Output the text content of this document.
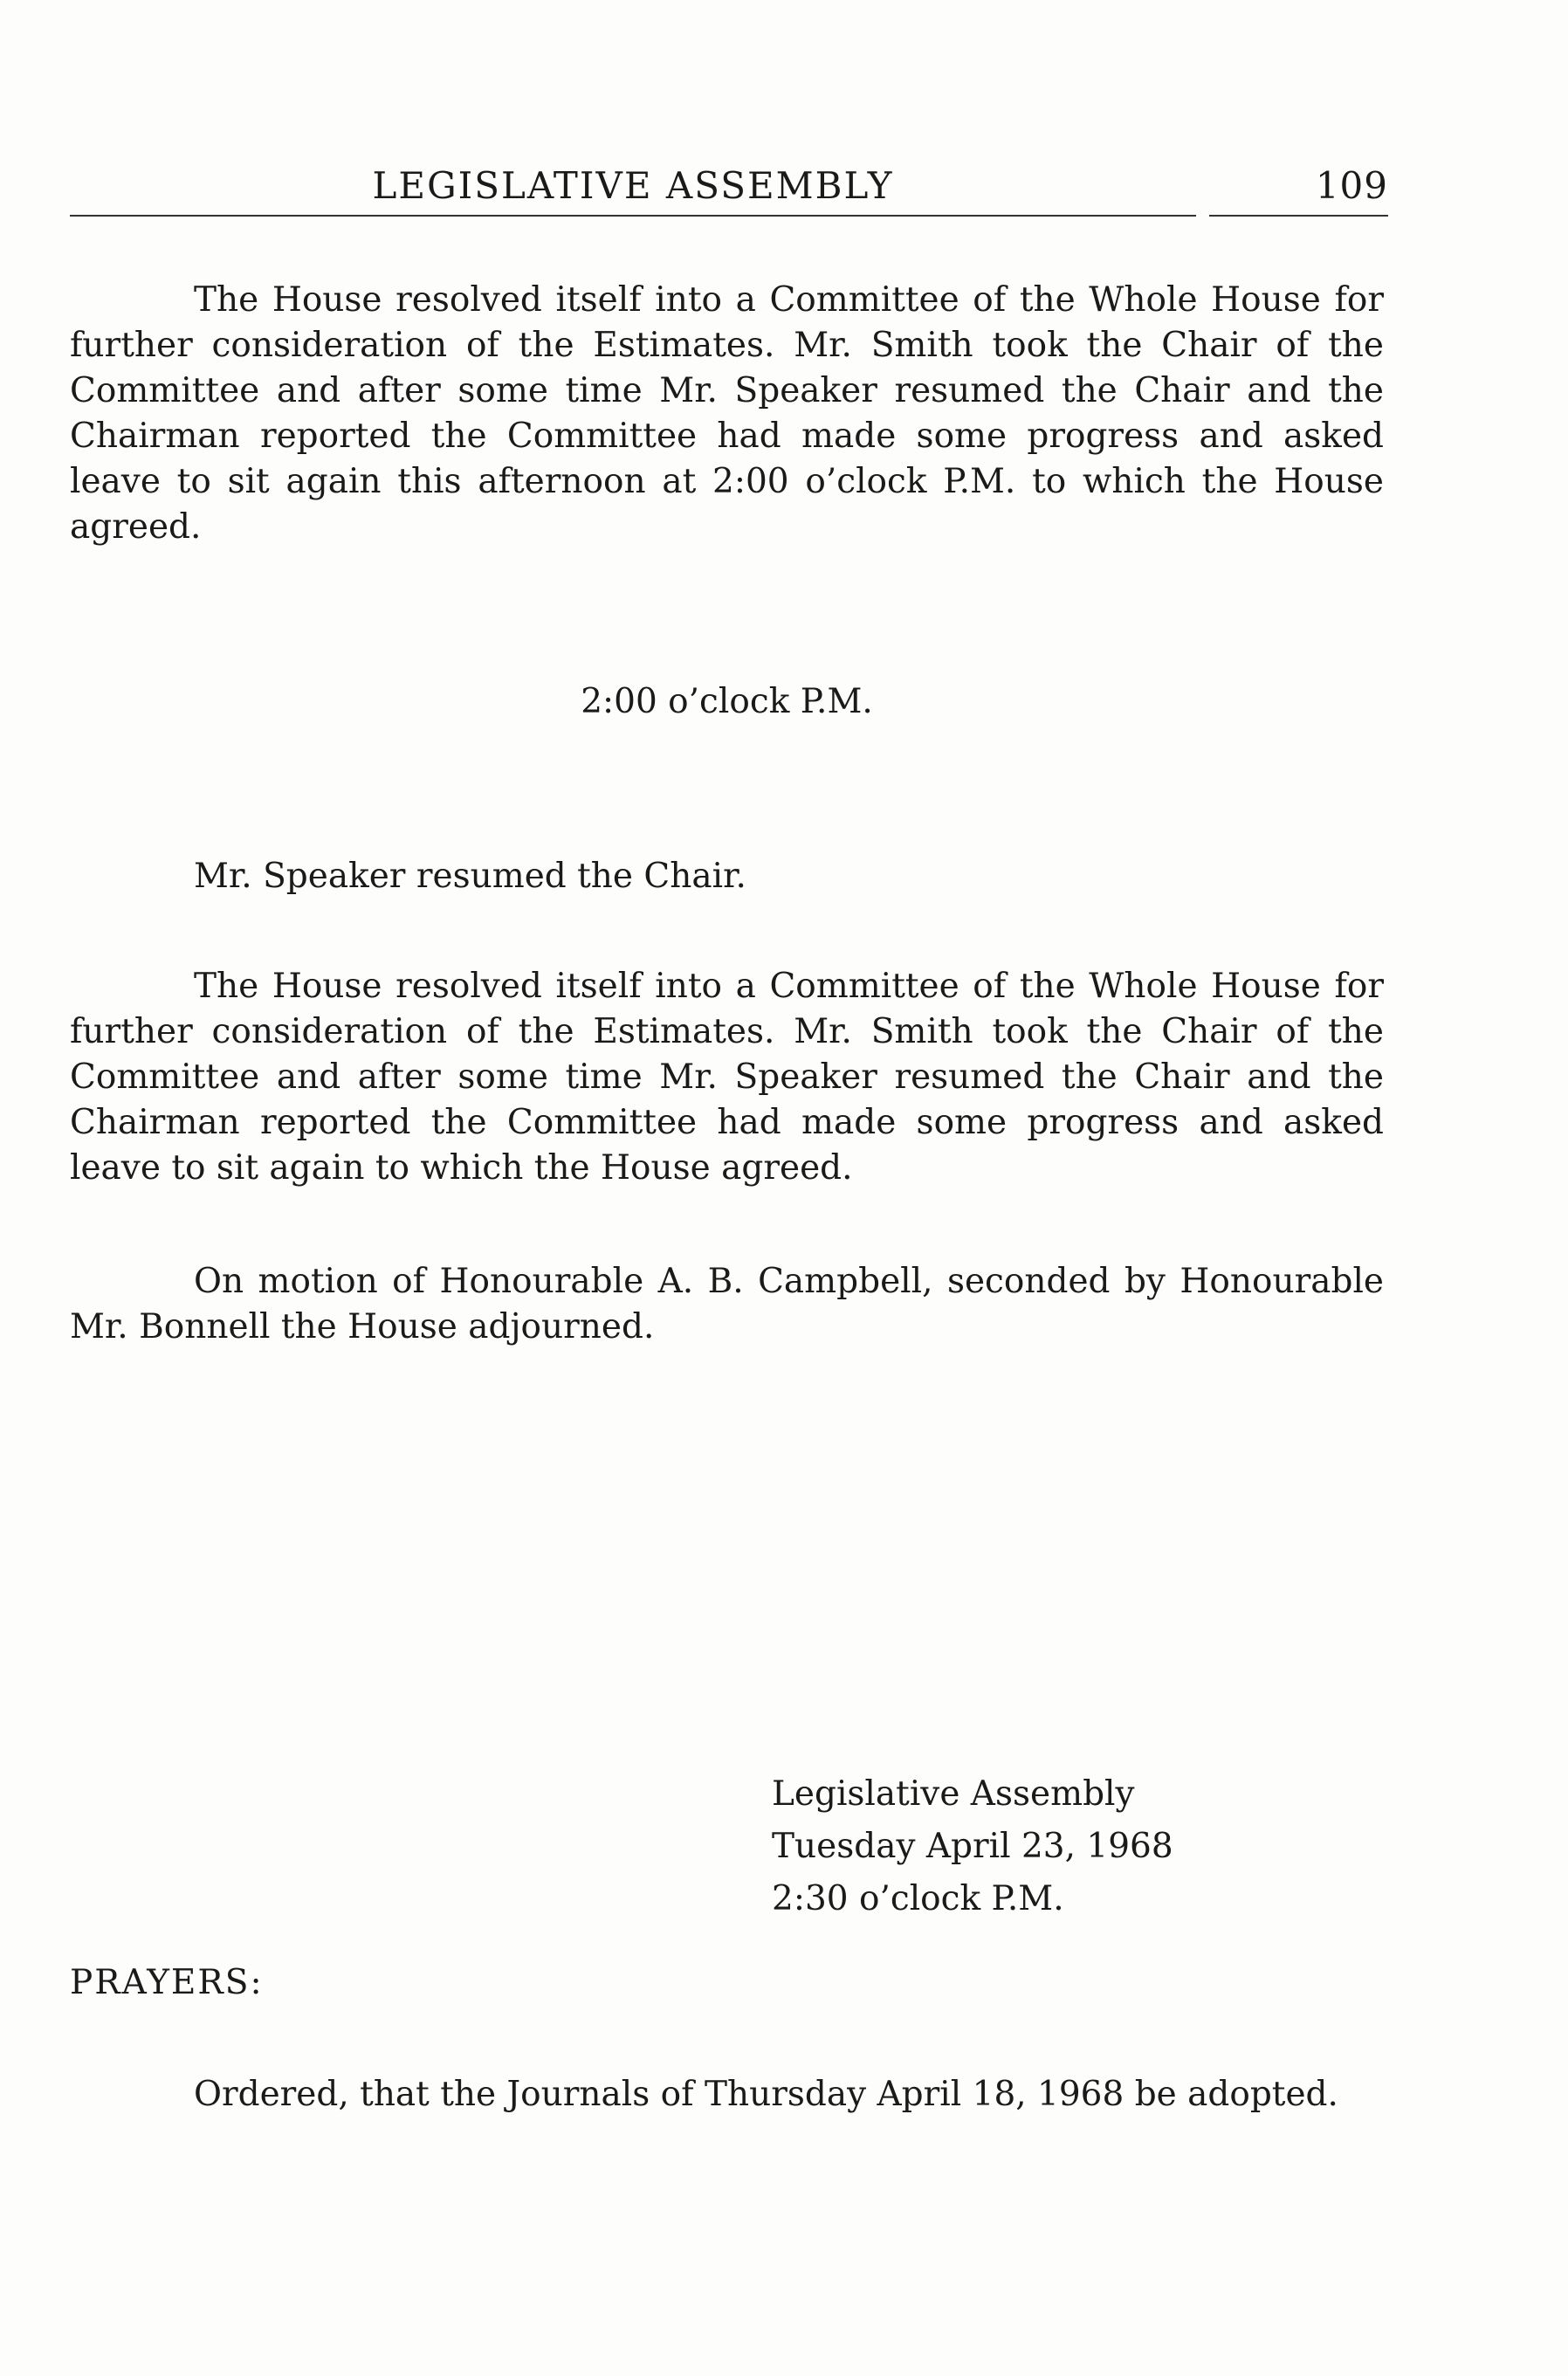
LEGISLATIVE ASSEMBLY	109

The House resolved itself into a Committee of the Whole House for further consideration of the Estimates. Mr. Smith took the Chair of the Committee and after some time Mr. Speaker resumed the Chair and the Chairman reported the Committee had made some progress and asked leave to sit again this afternoon at 2:00 o’clock P.M. to which the House agreed.

2:00 o’clock P.M.

Mr. Speaker resumed the Chair.

The House resolved itself into a Committee of the Whole House for further consideration of the Estimates. Mr. Smith took the Chair of the Committee and after some time Mr. Speaker resumed the Chair and the Chairman reported the Committee had made some progress and asked leave to sit again to which the House agreed.

On motion of Honourable A. B. Campbell, seconded by Honourable Mr. Bonnell the House adjourned.

Legislative Assembly
Tuesday April 23, 1968
2:30 o’clock P.M.
PRAYERS:
Ordered, that the Journals of Thursday April 18, 1968 be adopted.
